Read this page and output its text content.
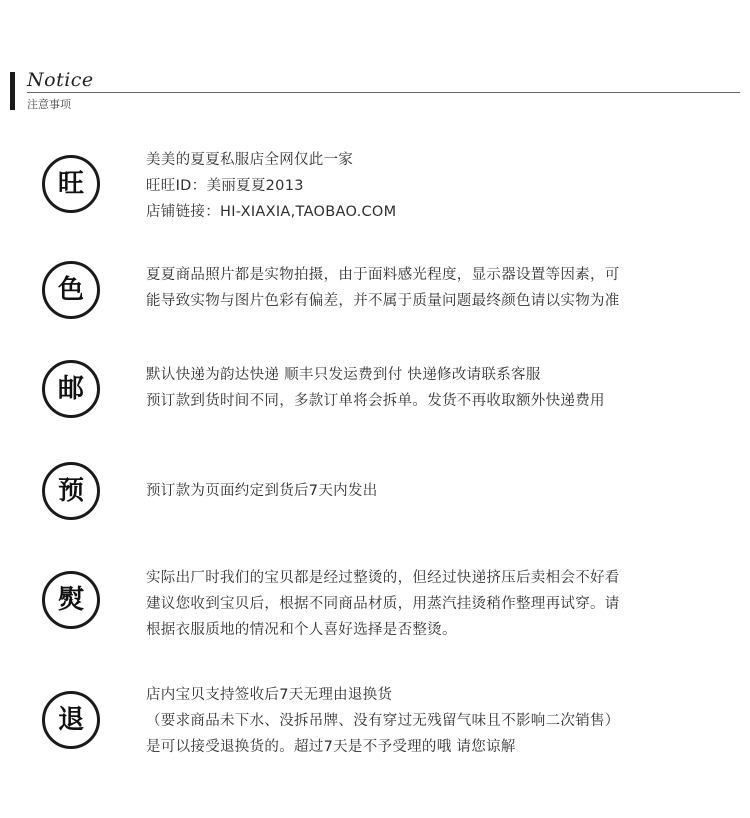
Notice
注意事项
旺
美美的夏夏私服店全网仅此一家
旺旺ID：美丽夏夏2013
店铺链接：HI-XIAXIA,TAOBAO.COM
色	夏夏商品照片都是实物拍摄，由于面料感光程度，显示器设置等因素，可
能导致实物与图片色彩有偏差，并不属于质量问题最终颜色请以实物为准
邮	默认快递为韵达快递 顺丰只发运费到付 快递修改请联系客服
预订款到货时间不同，多款订单将会拆单。发货不再收取额外快递费用
预	预订款为页面约定到货后7天内发出
熨
实际出厂时我们的宝贝都是经过整烫的，但经过快递挤压后卖相会不好看
建议您收到宝贝后，根据不同商品材质，用蒸汽挂烫稍作整理再试穿。请
根据衣服质地的情况和个人喜好选择是否整烫。
退
店内宝贝支持签收后7天无理由退换货
（要求商品未下水、没拆吊牌、没有穿过无残留气味且不影响二次销售）
是可以接受退换货的。超过7天是不予受理的哦 请您谅解
